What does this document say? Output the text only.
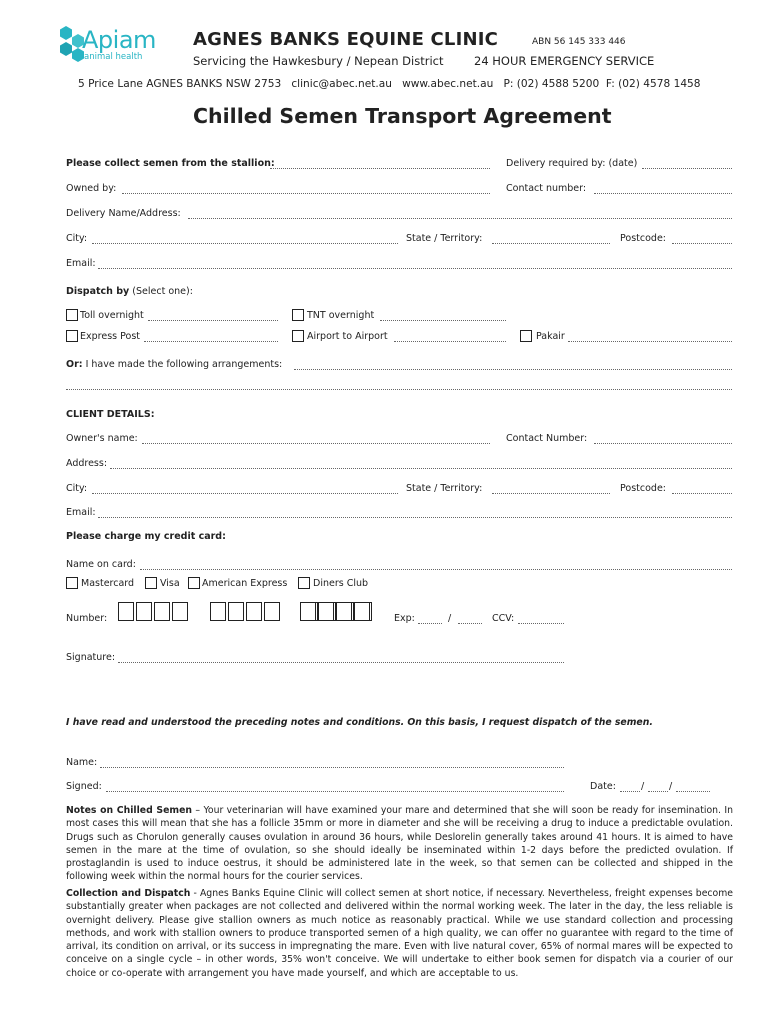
Apiam
animal health
AGNES BANKS EQUINE CLINIC	ABN 56 145 333 446
Servicing the Hawkesbury / Nepean District	24 HOUR EMERGENCY SERVICE
5 Price Lane AGNES BANKS NSW 2753   clinic@abec.net.au   www.abec.net.au   P: (02) 4588 5200  F: (02) 4578 1458
Chilled Semen Transport Agreement
Please collect semen from the stallion:	Delivery required by: (date)
Owned by:	Contact number:
Delivery Name/Address:
City:	State / Territory:	Postcode:
Email:
Dispatch by (Select one):
Toll overnight	TNT overnight
Express Post	Airport to Airport	Pakair
Or: I have made the following arrangements:
CLIENT DETAILS:
Owner's name:	Contact Number:
Address:
City:	State / Territory:	Postcode:
Email:
Please charge my credit card:
Name on card:
Mastercard	Visa American Express	Diners Club
Number:	Exp:	/	CCV:
Signature:
I have read and understood the preceding notes and conditions. On this basis, I request dispatch of the semen.
Name:
Signed:	Date:	/	/
Notes on Chilled Semen – Your veterinarian will have examined your mare and determined that she will soon be ready for insemination. In most cases this will mean that she has a follicle 35mm or more in diameter and she will be receiving a drug to induce a predictable ovulation. Drugs such as Chorulon generally causes ovulation in around 36 hours, while Deslorelin generally takes around 41 hours. It is aimed to have semen in the mare at the time of ovulation, so she should ideally be inseminated within 1-2 days before the predicted ovulation. If prostaglandin is used to induce oestrus, it should be administered late in the week, so that semen can be collected and shipped in the following week within the normal hours for the courier services.
Collection and Dispatch - Agnes Banks Equine Clinic will collect semen at short notice, if necessary. Nevertheless, freight expenses become substantially greater when packages are not collected and delivered within the normal working week. The later in the day, the less reliable is overnight delivery. Please give stallion owners as much notice as reasonably practical. While we use standard collection and processing methods, and work with stallion owners to produce transported semen of a high quality, we can offer no guarantee with regard to the time of arrival, its condition on arrival, or its success in impregnating the mare. Even with live natural cover, 65% of normal mares will be expected to conceive on a single cycle – in other words, 35% won't conceive. We will undertake to either book semen for dispatch via a courier of our choice or co-operate with arrangement you have made yourself, and which are acceptable to us.
